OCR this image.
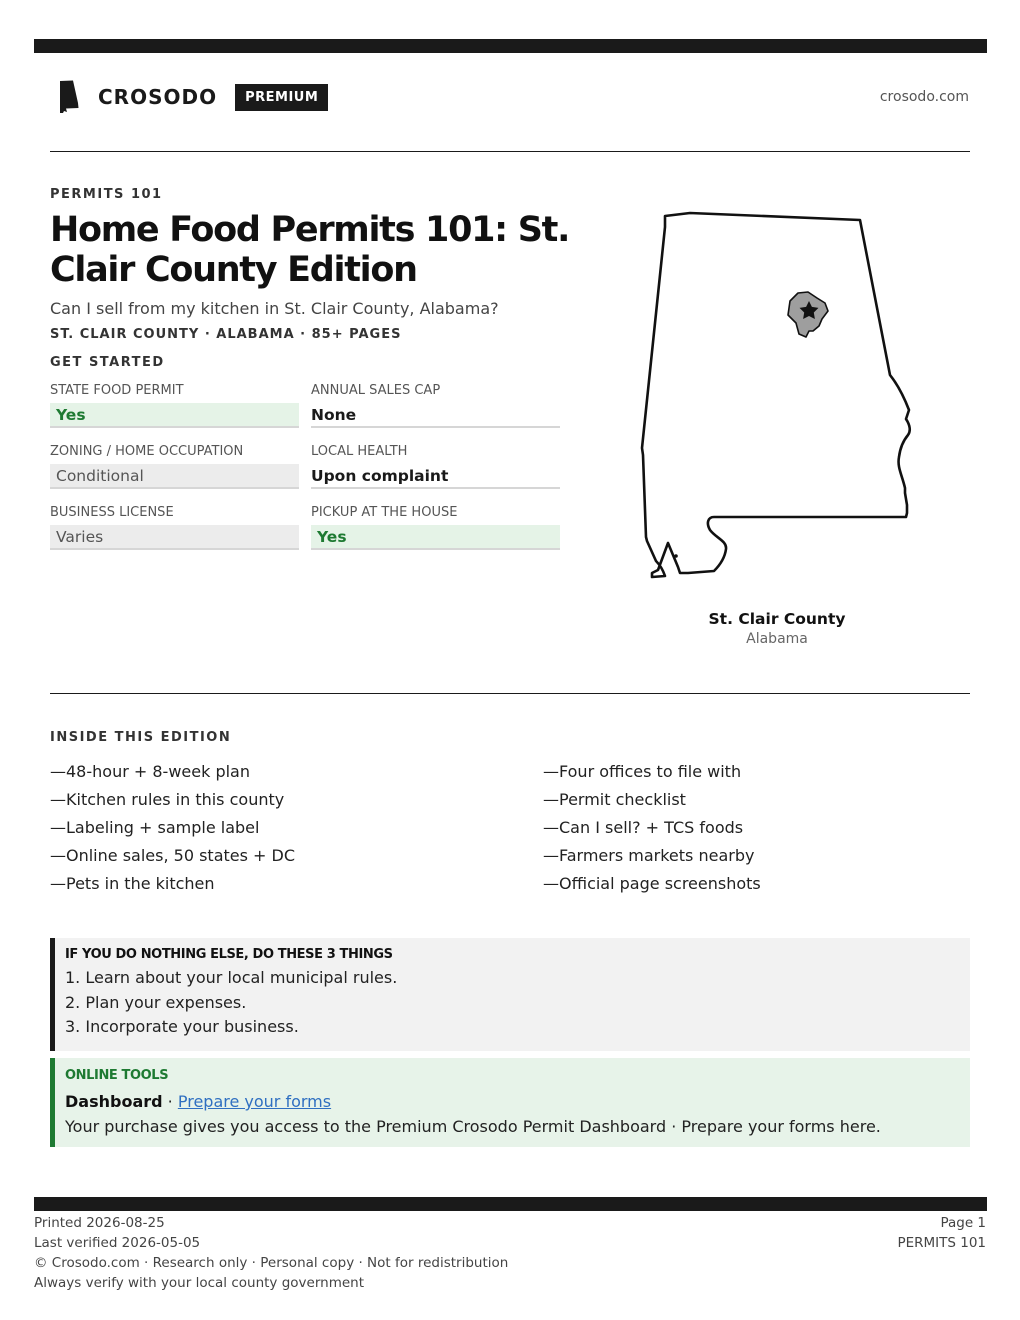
CROSODO	PREMIUM	crosodo.com
PERMITS 101
Home Food Permits 101: St. Clair County Edition

Can I sell from my kitchen in St. Clair County, Alabama?

ST. CLAIR COUNTY · ALABAMA · 85+ PAGES

GET STARTED

STATE FOOD PERMIT
Yes
ANNUAL SALES CAP
None
ZONING / HOME OCCUPATION
Conditional
LOCAL HEALTH
Upon complaint
BUSINESS LICENSE
Varies
PICKUP AT THE HOUSE
Yes
St. Clair County
Alabama
INSIDE THIS EDITION
—48-hour + 8-week plan
—Kitchen rules in this county
—Labeling + sample label
—Online sales, 50 states + DC
—Pets in the kitchen
—Four offices to file with
—Permit checklist
—Can I sell? + TCS foods
—Farmers markets nearby
—Official page screenshots
IF YOU DO NOTHING ELSE, DO THESE 3 THINGS
1. Learn about your local municipal rules.
2. Plan your expenses.
3. Incorporate your business.
ONLINE TOOLS
Dashboard · Prepare your forms
Your purchase gives you access to the Premium Crosodo Permit Dashboard · Prepare your forms here.
Printed 2026-08-25
Last verified 2026-05-05
© Crosodo.com · Research only · Personal copy · Not for redistribution
Always verify with your local county government
Page 1
PERMITS 101
